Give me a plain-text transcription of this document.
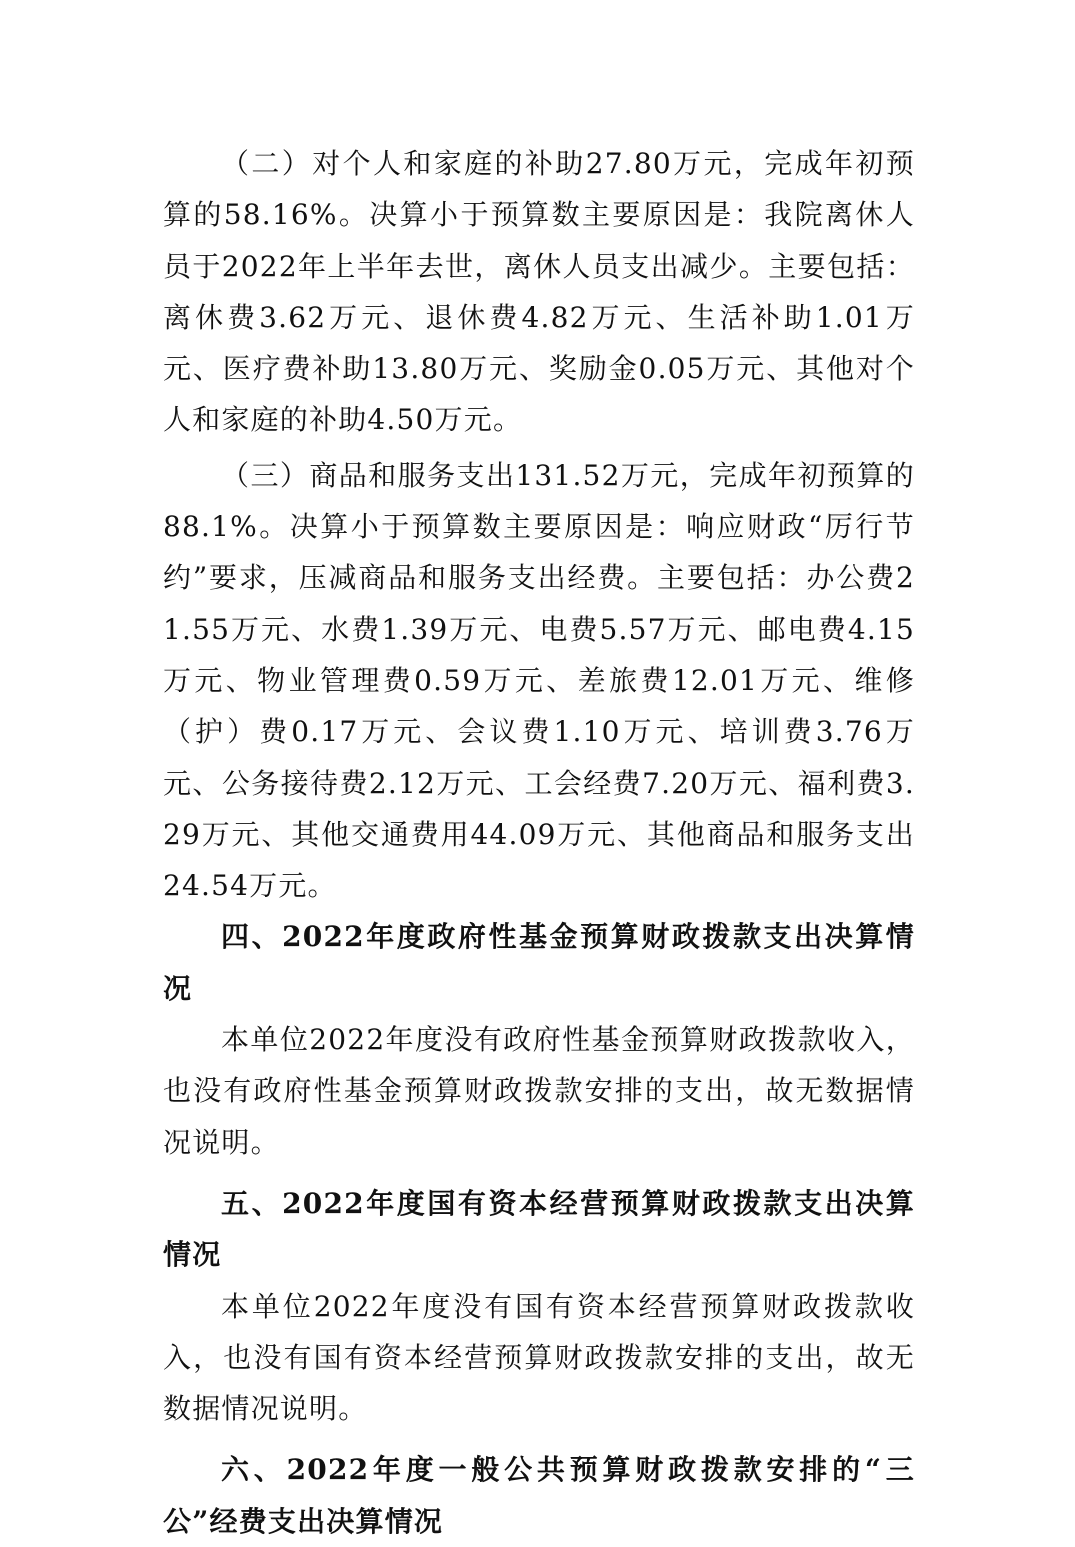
（二）对个人和家庭的补助27.80万元，完成年初预算的58.16%。决算小于预算数主要原因是：我院离休人员于2022年上半年去世，离休人员支出减少。主要包括：离休费3.62万元、退休费4.82万元、生活补助1.01万元、医疗费补助13.80万元、奖励金0.05万元、其他对个人和家庭的补助4.50万元。

（三）商品和服务支出131.52万元，完成年初预算的88.1%。决算小于预算数主要原因是：响应财政“厉行节约”要求，压减商品和服务支出经费。主要包括：办公费21.55万元、水费1.39万元、电费5.57万元、邮电费4.15万元、物业管理费0.59万元、差旅费12.01万元、维修（护）费0.17万元、会议费1.10万元、培训费3.76万元、公务接待费2.12万元、工会经费7.20万元、福利费3.29万元、其他交通费用44.09万元、其他商品和服务支出24.54万元。

四、2022年度政府性基金预算财政拨款支出决算情况

本单位2022年度没有政府性基金预算财政拨款收入，也没有政府性基金预算财政拨款安排的支出，故无数据情况说明。

五、2022年度国有资本经营预算财政拨款支出决算情况

本单位2022年度没有国有资本经营预算财政拨款收入，也没有国有资本经营预算财政拨款安排的支出，故无数据情况说明。

六、2022年度一般公共预算财政拨款安排的“三公”经费支出决算情况
